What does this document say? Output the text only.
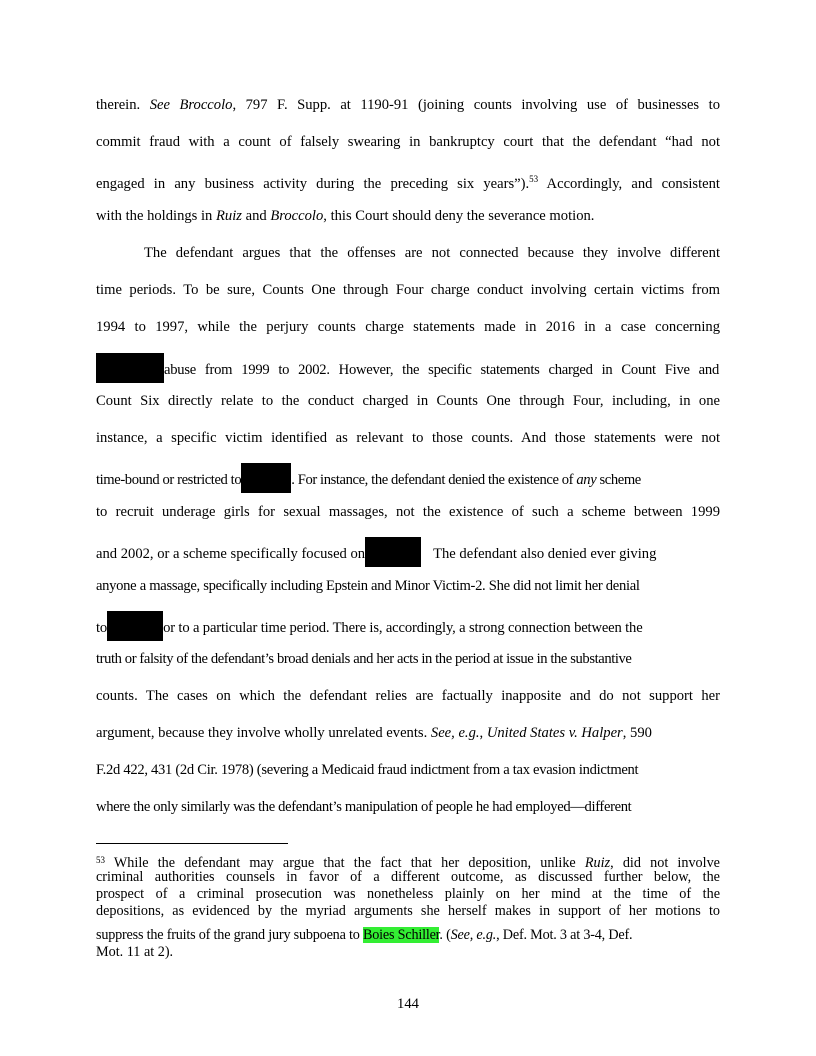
therein. See Broccolo, 797 F. Supp. at 1190-91 (joining counts involving use of businesses to
commit fraud with a count of falsely swearing in bankruptcy court that the defendant “had not
engaged in any business activity during the preceding six years”).$^{53}$ Accordingly, and consistent
with the holdings in Ruiz and Broccolo, this Court should deny the severance motion.
The defendant argues that the offenses are not connected because they involve different
time periods. To be sure, Counts One through Four charge conduct involving certain victims from
1994 to 1997, while the perjury counts charge statements made in 2016 in a case concerning
abuse from 1999 to 2002. However, the specific statements charged in Count Five and
Count Six directly relate to the conduct charged in Counts One through Four, including, in one
instance, a specific victim identified as relevant to those counts. And those statements were not
time-bound or restricted to	. For instance, the defendant denied the existence of any scheme
to recruit underage girls for sexual massages, not the existence of such a scheme between 1999
and 2002, or a scheme specifically focused on	The defendant also denied ever giving
anyone a massage, specifically including Epstein and Minor Victim-2. She did not limit her denial
to	or to a particular time period. There is, accordingly, a strong connection between the
truth or falsity of the defendant’s broad denials and her acts in the period at issue in the substantive
counts. The cases on which the defendant relies are factually inapposite and do not support her
argument, because they involve wholly unrelated events. See, e.g., United States v. Halper, 590
F.2d 422, 431 (2d Cir. 1978) (severing a Medicaid fraud indictment from a tax evasion indictment
where the only similarly was the defendant’s manipulation of people he had employed—different
$^{53}$ While the defendant may argue that the fact that her deposition, unlike Ruiz, did not involve
criminal authorities counsels in favor of a different outcome, as discussed further below, the
prospect of a criminal prosecution was nonetheless plainly on her mind at the time of the
depositions, as evidenced by the myriad arguments she herself makes in support of her motions to
suppress the fruits of the grand jury subpoena to Boies Schiller. (See, e.g., Def. Mot. 3 at 3-4, Def.
Mot. 11 at 2).
144
